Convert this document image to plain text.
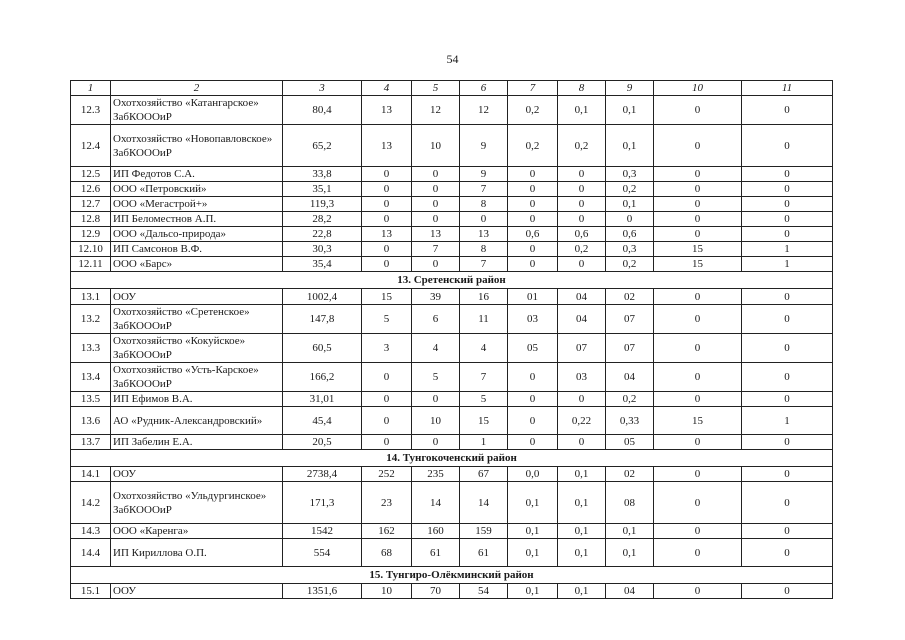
54
1	2	3	4	5	6	7	8	9	10	11
12.3	Охотхозяйство «Катангарское» ЗабКОООиР	80,4	13	12	12	0,2	0,1	0,1	0	0
12.4	Охотхозяйство «Новопавловское» ЗабКОООиР	65,2	13	10	9	0,2	0,2	0,1	0	0
12.5	ИП Федотов С.А.	33,8	0	0	9	0	0	0,3	0	0
12.6	ООО «Петровский»	35,1	0	0	7	0	0	0,2	0	0
12.7	ООО «Мегастрой+»	119,3	0	0	8	0	0	0,1	0	0
12.8	ИП Беломестнов А.П.	28,2	0	0	0	0	0	0	0	0
12.9	ООО «Дальсо-природа»	22,8	13	13	13	0,6	0,6	0,6	0	0
12.10	ИП Самсонов В.Ф.	30,3	0	7	8	0	0,2	0,3	15	1
12.11	ООО «Барс»	35,4	0	0	7	0	0	0,2	15	1
13. Сретенский район										
13.1	ООУ	1002,4	15	39	16	01	04	02	0	0
13.2	Охотхозяйство «Сретенское» ЗабКОООиР	147,8	5	6	11	03	04	07	0	0
13.3	Охотхозяйство «Кокуйское» ЗабКОООиР	60,5	3	4	4	05	07	07	0	0
13.4	Охотхозяйство «Усть-Карское» ЗабКОООиР	166,2	0	5	7	0	03	04	0	0
13.5	ИП Ефимов В.А.	31,01	0	0	5	0	0	0,2	0	0
13.6	АО «Рудник-Александровский»	45,4	0	10	15	0	0,22	0,33	15	1
13.7	ИП Забелин Е.А.	20,5	0	0	1	0	0	05	0	0
14. Тунгокоченский район										
14.1	ООУ	2738,4	252	235	67	0,0	0,1	02	0	0
14.2	Охотхозяйство «Ульдургинское» ЗабКОООиР	171,3	23	14	14	0,1	0,1	08	0	0
14.3	ООО «Каренга»	1542	162	160	159	0,1	0,1	0,1	0	0
14.4	ИП Кириллова О.П.	554	68	61	61	0,1	0,1	0,1	0	0
15. Тунгиро-Олёкминский район										
15.1	ООУ	1351,6	10	70	54	0,1	0,1	04	0	0
